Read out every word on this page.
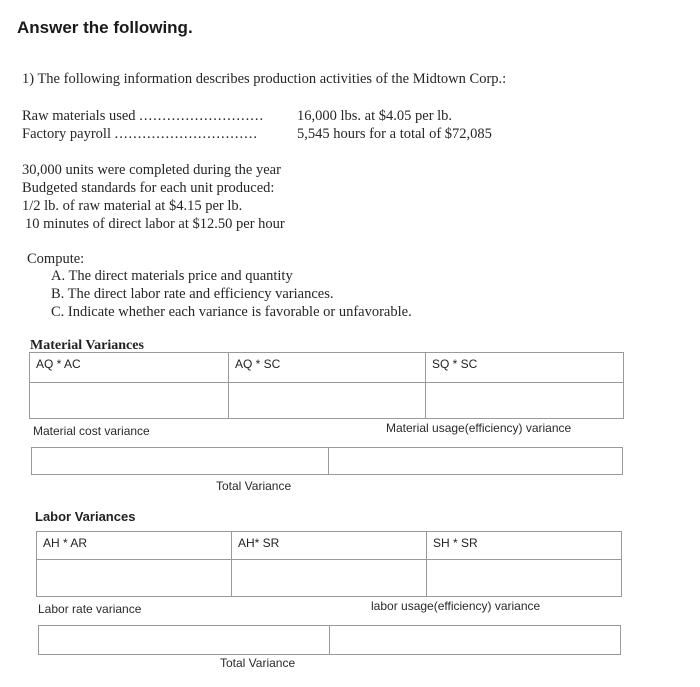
Answer the following.
1) The following information describes production activities of the Midtown Corp.:
Raw materials used ........................... 16,000 lbs. at $4.05 per lb.
Factory payroll ...............................	5,545 hours for a total of $72,085
30,000 units were completed during the year
Budgeted standards for each unit produced:
1/2 lb. of raw material at $4.15 per lb.
10 minutes of direct labor at $12.50 per hour
Compute:
A. The direct materials price and quantity
B. The direct labor rate and efficiency variances.
C. Indicate whether each variance is favorable or unfavorable.
Material Variances
AQ * AC	AQ * SC	SQ * SC

Material cost variance	Material usage(efficiency) variance
Total Variance
Labor Variances
AH * AR	AH* SR	SH * SR

Labor rate variance	labor usage(efficiency) variance
Total Variance
